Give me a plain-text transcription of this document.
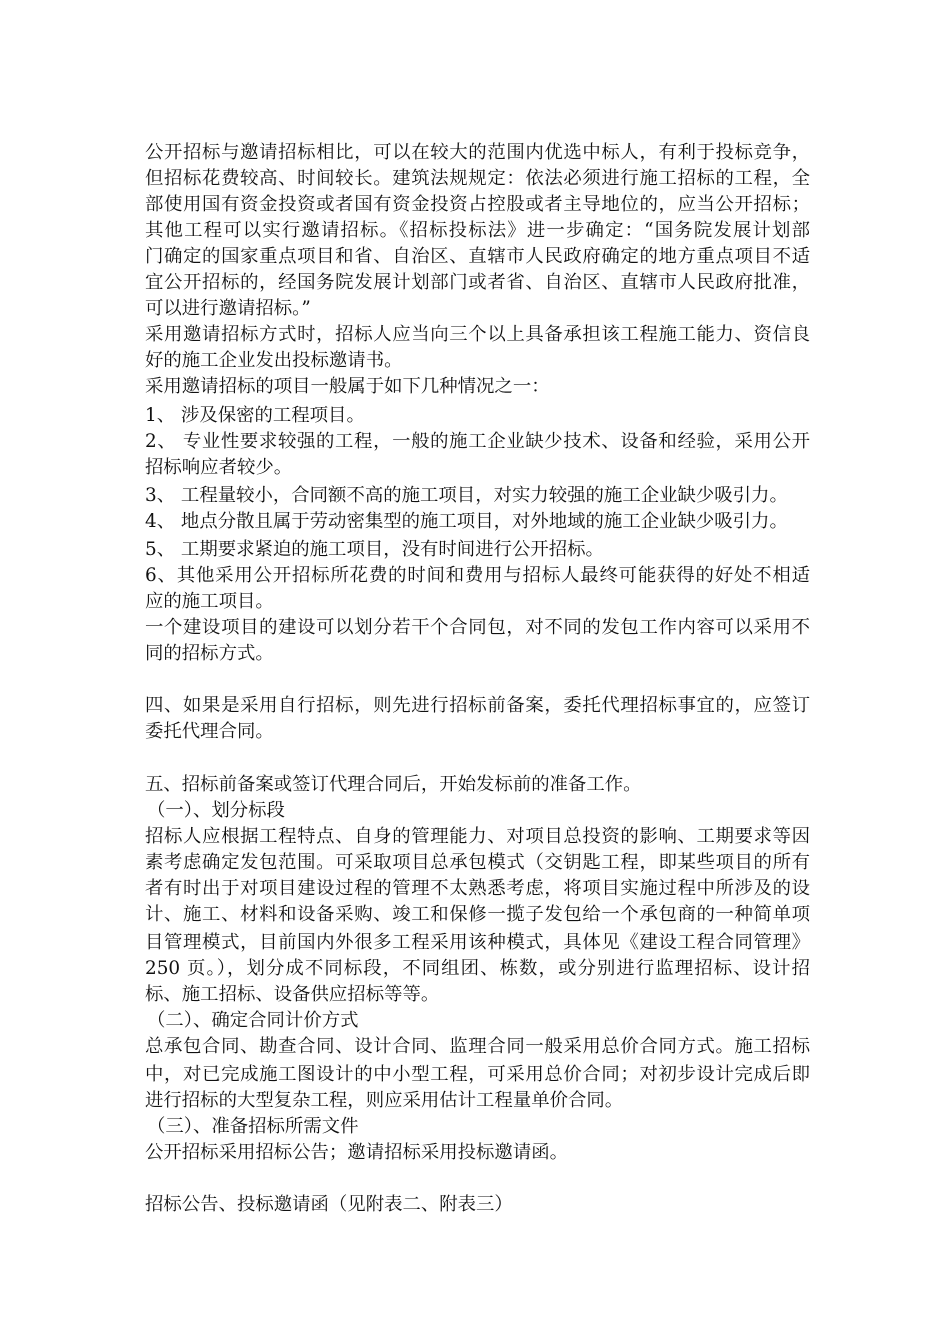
公开招标与邀请招标相比，可以在较大的范围内优选中标人，有利于投标竞争，
但招标花费较高、时间较长。建筑法规规定：依法必须进行施工招标的工程，全
部使用国有资金投资或者国有资金投资占控股或者主导地位的，应当公开招标；
其他工程可以实行邀请招标。《招标投标法》进一步确定：“国务院发展计划部
门确定的国家重点项目和省、自治区、直辖市人民政府确定的地方重点项目不适
宜公开招标的，经国务院发展计划部门或者省、自治区、直辖市人民政府批准，
可以进行邀请招标。”
采用邀请招标方式时，招标人应当向三个以上具备承担该工程施工能力、资信良
好的施工企业发出投标邀请书。
采用邀请招标的项目一般属于如下几种情况之一：
1、 涉及保密的工程项目。
2、 专业性要求较强的工程，一般的施工企业缺少技术、设备和经验，采用公开
招标响应者较少。
3、 工程量较小，合同额不高的施工项目，对实力较强的施工企业缺少吸引力。
4、 地点分散且属于劳动密集型的施工项目，对外地域的施工企业缺少吸引力。
5、 工期要求紧迫的施工项目，没有时间进行公开招标。
6、其他采用公开招标所花费的时间和费用与招标人最终可能获得的好处不相适
应的施工项目。
一个建设项目的建设可以划分若干个合同包，对不同的发包工作内容可以采用不
同的招标方式。
四、如果是采用自行招标，则先进行招标前备案，委托代理招标事宜的，应签订
委托代理合同。
五、招标前备案或签订代理合同后，开始发标前的准备工作。
（一）、划分标段
招标人应根据工程特点、自身的管理能力、对项目总投资的影响、工期要求等因
素考虑确定发包范围。可采取项目总承包模式（交钥匙工程，即某些项目的所有
者有时出于对项目建设过程的管理不太熟悉考虑，将项目实施过程中所涉及的设
计、施工、材料和设备采购、竣工和保修一揽子发包给一个承包商的一种简单项
目管理模式，目前国内外很多工程采用该种模式，具体见《建设工程合同管理》
250 页。），划分成不同标段，不同组团、栋数，或分别进行监理招标、设计招
标、施工招标、设备供应招标等等。
（二）、确定合同计价方式
总承包合同、勘查合同、设计合同、监理合同一般采用总价合同方式。施工招标
中，对已完成施工图设计的中小型工程，可采用总价合同；对初步设计完成后即
进行招标的大型复杂工程，则应采用估计工程量单价合同。
（三）、准备招标所需文件
公开招标采用招标公告；邀请招标采用投标邀请函。
招标公告、投标邀请函（见附表二、附表三）
